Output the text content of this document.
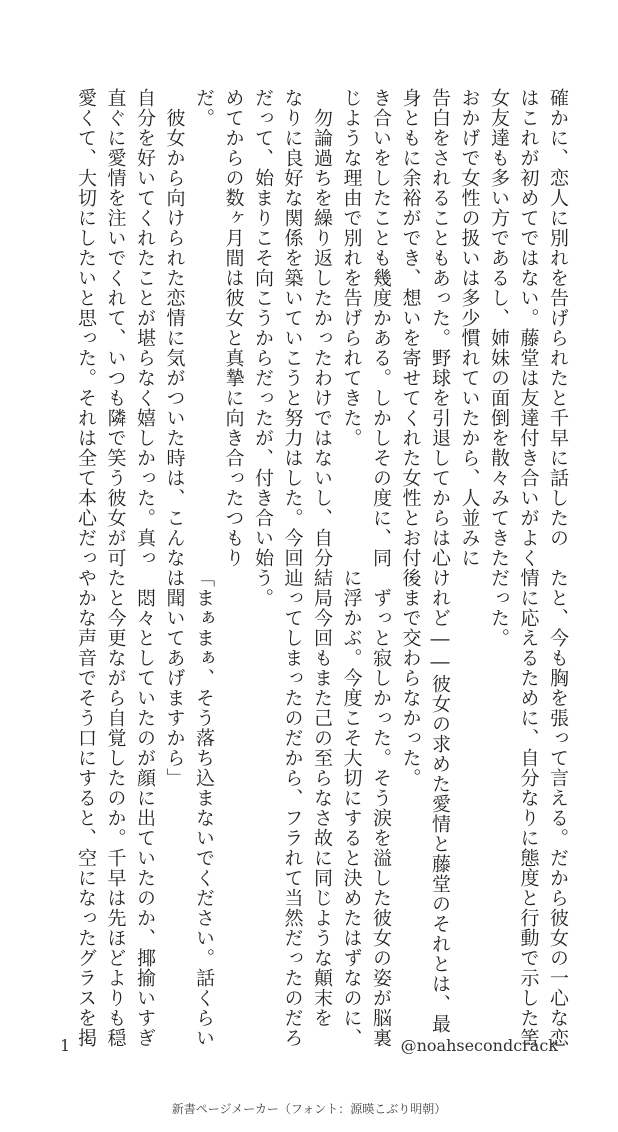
確かに、恋人に別れを告げられたと千早に話したの

はこれが初めてではない。藤堂は友達付き合いがよく

女友達も多い方であるし、姉妹の面倒を散々みてきた

おかげで女性の扱いは多少慣れていたから、人並みに

告白をされることもあった。野球を引退してからは心

身ともに余裕ができ、想いを寄せてくれた女性とお付

き合いをしたことも幾度かある。しかしその度に、同

じような理由で別れを告げられてきた。

　勿論過ちを繰り返したかったわけではないし、自分

なりに良好な関係を築いていこうと努力はした。今回

だって、始まりこそ向こうからだったが、付き合い始

めてからの数ヶ月間は彼女と真摯に向き合ったつもり

だ。

　彼女から向けられた恋情に気がついた時は、こんな

自分を好いてくれたことが堪らなく嬉しかった。真っ

直ぐに愛情を注いでくれて、いつも隣で笑う彼女が可

愛くて、大切にしたいと思った。それは全て本心だっ

たと、今も胸を張って言える。だから彼女の一心な恋

情に応えるために、自分なりに態度と行動で示した筈

だった。

けれど――彼女の求めた愛情と藤堂のそれとは、最

後まで交わらなかった。

　ずっと寂しかった。そう涙を溢した彼女の姿が脳裏

に浮かぶ。今度こそ大切にすると決めたはずなのに、

結局今回もまた己の至らなさ故に同じような顛末を

辿ってしまったのだから、フラれて当然だったのだろ

う。

「まぁまぁ、そう落ち込まないでください。話くらい

は聞いてあげますから」

　悶々としていたのが顔に出ていたのか、揶揄いすぎ

たと今更ながら自覚したのか。千早は先ほどよりも穏

やかな声音でそう口にすると、空になったグラスを掲

1	@noahsecondcrack
新書ページメーカー（フォント：源暎こぶり明朝）
